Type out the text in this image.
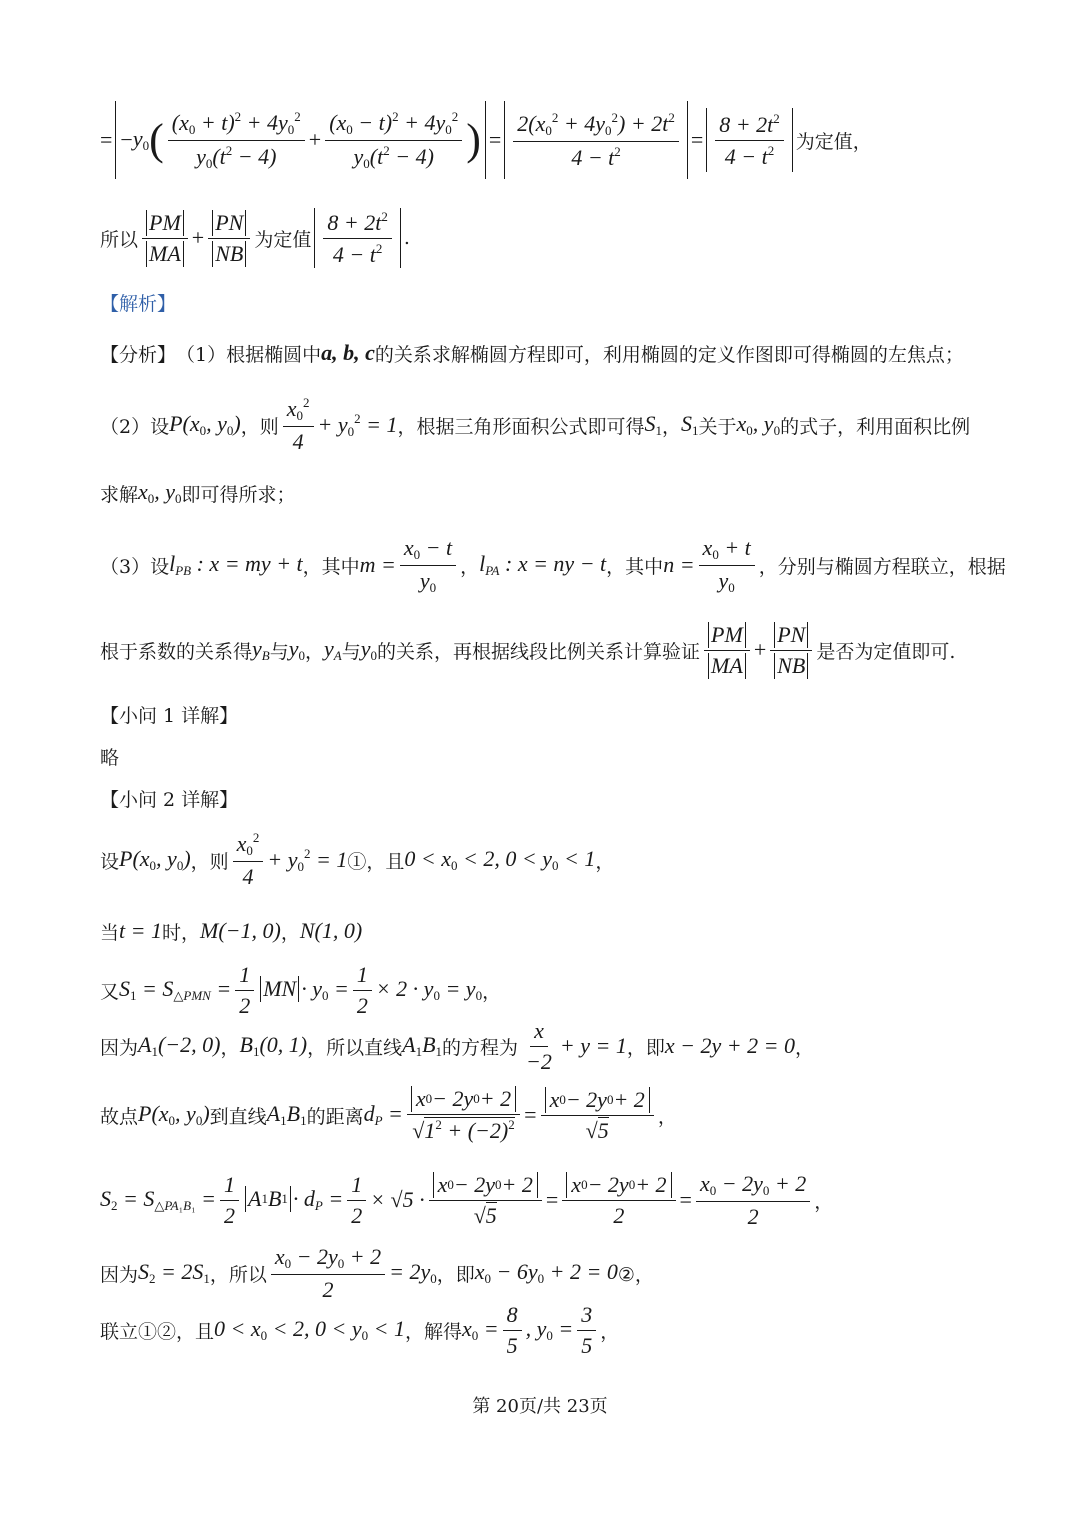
= − $y_0$ ( $\frac{(x_0 + t)^2 + 4y_0^2}{y_0(t^2 - 4)} + \frac{(x_0 - t)^2 + 4y_0^2}{y_0(t^2 - 4)}$ ) = $\frac{2(x_0^2 + 4y_0^2) + 2t^2}{4 - t^2} = \frac{8 + 2t^2}{4 - t^2}$ 为定值，
所以 $\frac{PM}{MA} + \frac{PN}{NB}$ 为定值 $\frac{8 + 2t^2}{4 - t^2}$ .
【解析】
【分析】 （1）根据椭圆中 a, b, c 的关系求解椭圆方程即可，利用椭圆的定义作图即可得椭圆的左焦点；
（2）设 $P(x_0$, $y_0$) ，则 $\frac{x_0^2}{4} + y_0^2 = 1$ ，根据三角形面积公式即可得 $S_1$ ， $S_1$ 关于 $x_0$, $y_0$ 的式子，利用面积比例
求解 $x_0$, $y_0$ 即可得所求；
（3）设 $l_{PB}$ : x = my + t ，其中 $m = \frac{x_0 - t}{y_0}$ ， $l_{PA}$ : x = ny − t ，其中 $n = \frac{x_0 + t}{y_0}$ ，分别与椭圆方程联立，根据
根于系数的关系得 $y_B$ 与 $y_0$ ， $y_A$ 与 $y_0$ 的关系，再根据线段比例关系计算验证 $\frac{PM}{MA} + \frac{PN}{NB}$ 是否为定值即可.
【小问 1 详解】
略
【小问 2 详解】
设 $P(x_0$, $y_0$) ，则 $\frac{x_0^2}{4} + y_0^2 = 1$ ①，且 $0 < x_0 < 2$, $0 < y_0 < 1$ ，
当 t = 1 时， M(−1, 0) ， N(1, 0)
又 $S_1 = S_{\triangle PMN} = \frac{1}{2}$ MN · $y_0 = \frac{1}{2} \times 2 \cdot y_0 = y_0$ ，
因为 $A_1(-2$, 0) ， $B_1(0$, 1) ，所以直线 $A_1B_1$ 的方程为 $\frac{x}{-2} + y = 1$ ，即 x − 2y + 2 = 0 ，
故点 $P(x_0$, $y_0$) 到直线 $A_1B_1$ 的距离 $d_P = \frac{x 0 - 2y 0 + 2}{√1^2 + (-2)^2} = \frac{x 0 - 2y 0 + 2}{√5}$ ，
$S_2 = S_{\triangle PA_1B_1} = \frac{1}{2}$ A 1 B $1 \cdot d_P = \frac{1}{2} \times √5 \cdot \frac{x 0 - 2y 0 + 2}{√5} = \frac{x 0 - 2y 0 + 2}{2} = \frac{x_0 - 2y_0 + 2}{2}$ ，
因为 $S_2 = 2S_1$ ，所以 $\frac{x_0 - 2y_0 + 2}{2} = 2y_0$ ，即 $x_0 - 6y_0 + 2 = 0$ ②，
联立①②，且 $0 < x_0 < 2$, $0 < y_0 < 1$ ，解得 $x_0 = \frac{8}{5}$ , $y_0 = \frac{3}{5}$ ，
第 20页/共 23页
